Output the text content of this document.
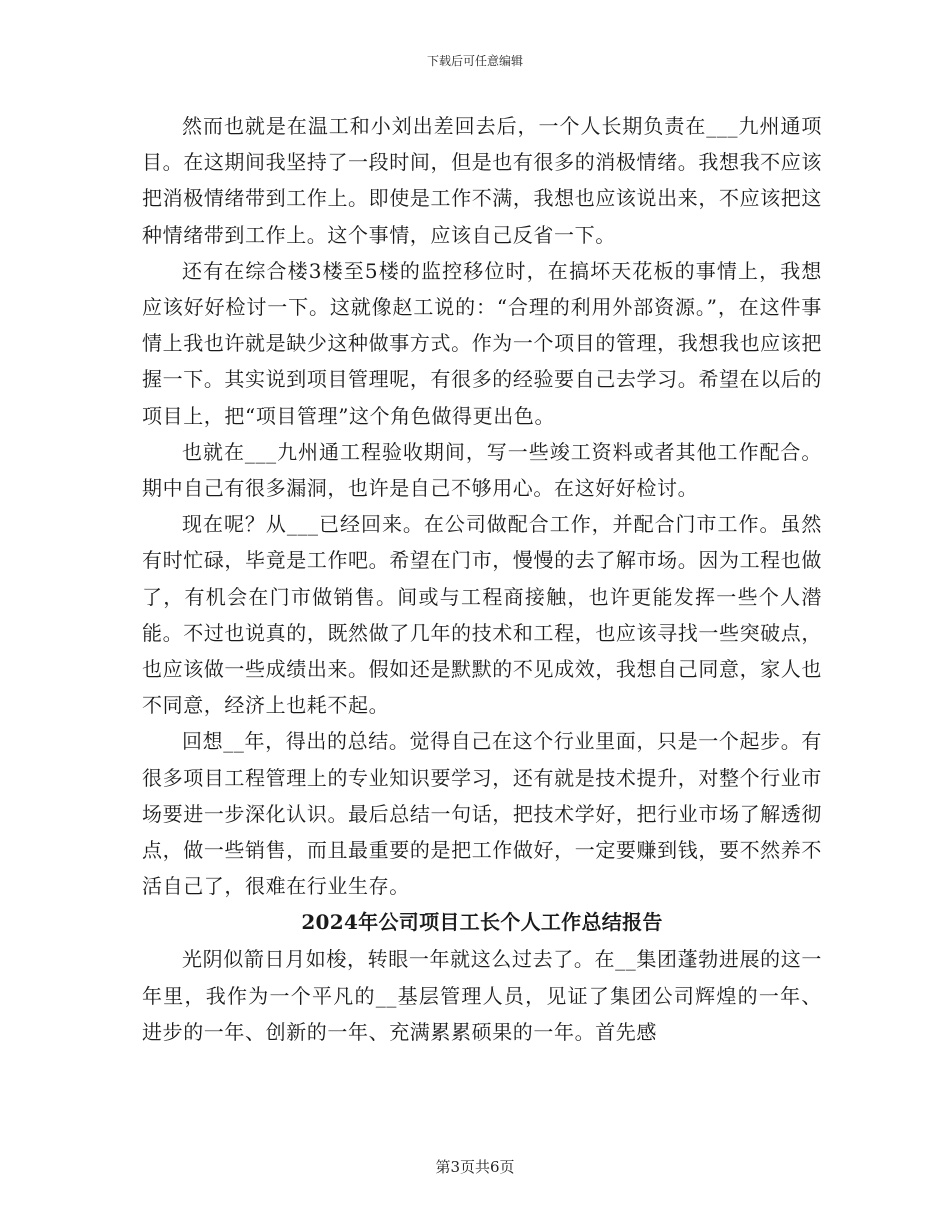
下载后可任意编辑

然而也就是在温工和小刘出差回去后，一个人长期负责在___九州通项目。在这期间我坚持了一段时间，但是也有很多的消极情绪。我想我不应该把消极情绪带到工作上。即使是工作不满，我想也应该说出来，不应该把这种情绪带到工作上。这个事情，应该自己反省一下。

还有在综合楼3楼至5楼的监控移位时，在搞坏天花板的事情上，我想应该好好检讨一下。这就像赵工说的：“合理的利用外部资源。”，在这件事情上我也许就是缺少这种做事方式。作为一个项目的管理，我想我也应该把握一下。其实说到项目管理呢，有很多的经验要自己去学习。希望在以后的项目上，把“项目管理”这个角色做得更出色。

也就在___九州通工程验收期间，写一些竣工资料或者其他工作配合。期中自己有很多漏洞，也许是自己不够用心。在这好好检讨。

现在呢？从___已经回来。在公司做配合工作，并配合门市工作。虽然有时忙碌，毕竟是工作吧。希望在门市，慢慢的去了解市场。因为工程也做了，有机会在门市做销售。间或与工程商接触，也许更能发挥一些个人潜能。不过也说真的，既然做了几年的技术和工程，也应该寻找一些突破点，也应该做一些成绩出来。假如还是默默的不见成效，我想自己同意，家人也不同意，经济上也耗不起。

回想__年，得出的总结。觉得自己在这个行业里面，只是一个起步。有很多项目工程管理上的专业知识要学习，还有就是技术提升，对整个行业市场要进一步深化认识。最后总结一句话，把技术学好，把行业市场了解透彻点，做一些销售，而且最重要的是把工作做好，一定要赚到钱，要不然养不活自己了，很难在行业生存。

2024年公司项目工长个人工作总结报告

光阴似箭日月如梭，转眼一年就这么过去了。在__集团蓬勃进展的这一年里，我作为一个平凡的__基层管理人员，见证了集团公司辉煌的一年、进步的一年、创新的一年、充满累累硕果的一年。首先感

第3页共6页
